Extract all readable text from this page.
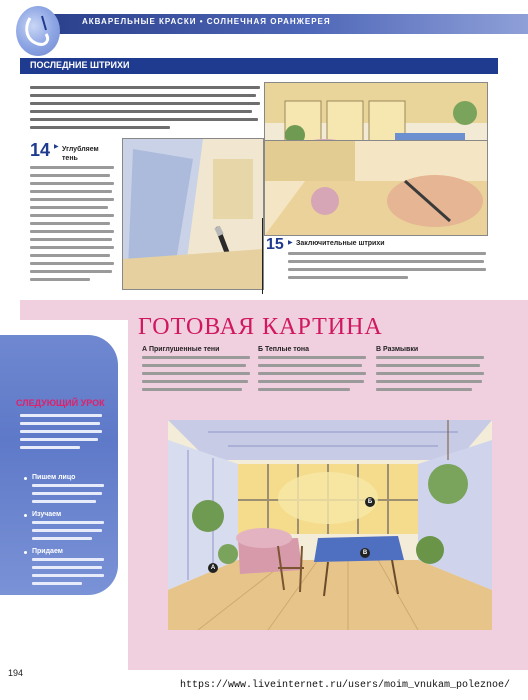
АКВАРЕЛЬНЫЕ КРАСКИ • СОЛНЕЧНАЯ ОРАНЖЕРЕЯ
ПОСЛЕДНИЕ ШТРИХИ
14 ▶ Углубляем тень
15 ▶ Заключительные штрихи
ГОТОВАЯ КАРТИНА
А Приглушенные тени	Б Теплые тона	В Размывки
А
Б
В
СЛЕДУЮЩИЙ УРОК
Пишем лицо
Изучаем
Придаем
194
https://www.liveinternet.ru/users/moim_vnukam_poleznoe/
